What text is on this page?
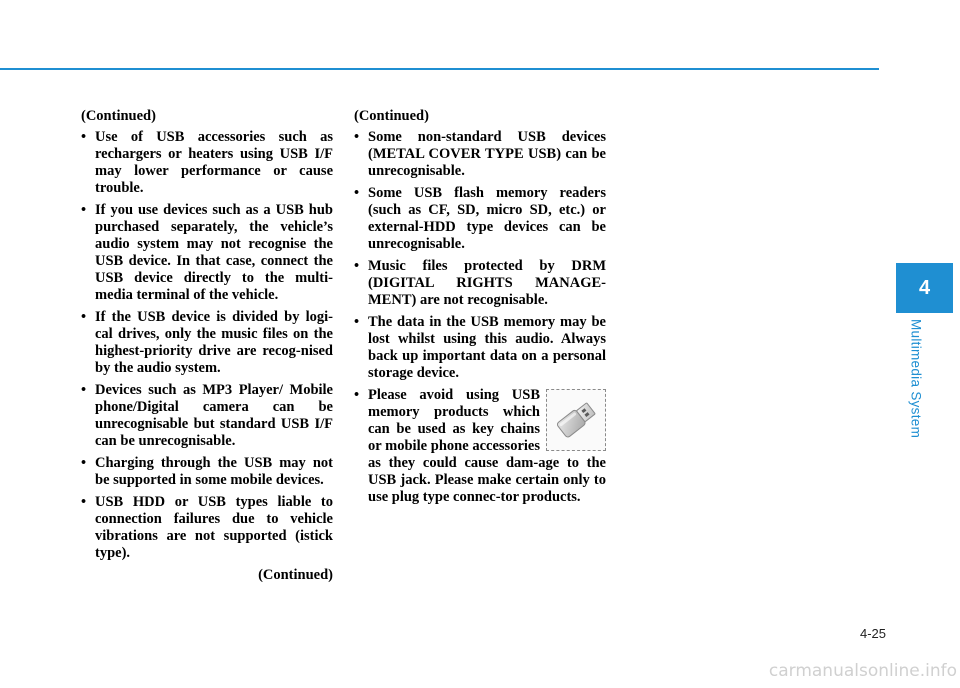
(Continued)
• Use of USB accessories such as rechargers or heaters using USB I/F may lower performance or cause trouble.
• If you use devices such as a USB hub purchased separately, the vehicle’s audio system may not recognise the USB device. In that case, connect the USB device directly to the multi-media terminal of the vehicle.
• If the USB device is divided by logi-cal drives, only the music files on the highest-priority drive are recog-nised by the audio system.
• Devices such as MP3 Player/ Mobile phone/Digital camera can be unrecognisable but standard USB I/F can be unrecognisable.
• Charging through the USB may not be supported in some mobile devices.
• USB HDD or USB types liable to connection failures due to vehicle vibrations are not supported (istick type).
(Continued)
(Continued)
• Some non-standard USB devices (METAL COVER TYPE USB) can be unrecognisable.
• Some USB flash memory readers (such as CF, SD, micro SD, etc.) or external-HDD type devices can be unrecognisable.
• Music files protected by DRM (DIGITAL RIGHTS MANAGE-MENT) are not recognisable.
• The data in the USB memory may be lost whilst using this audio. Always back up important data on a personal storage device.
• Please avoid using USB memory products which can be used as key chains or mobile phone accessories as they could cause dam-age to the USB jack. Please make certain only to use plug type connec-tor products.
4
Multimedia System
4-25
carmanualsonline.info
